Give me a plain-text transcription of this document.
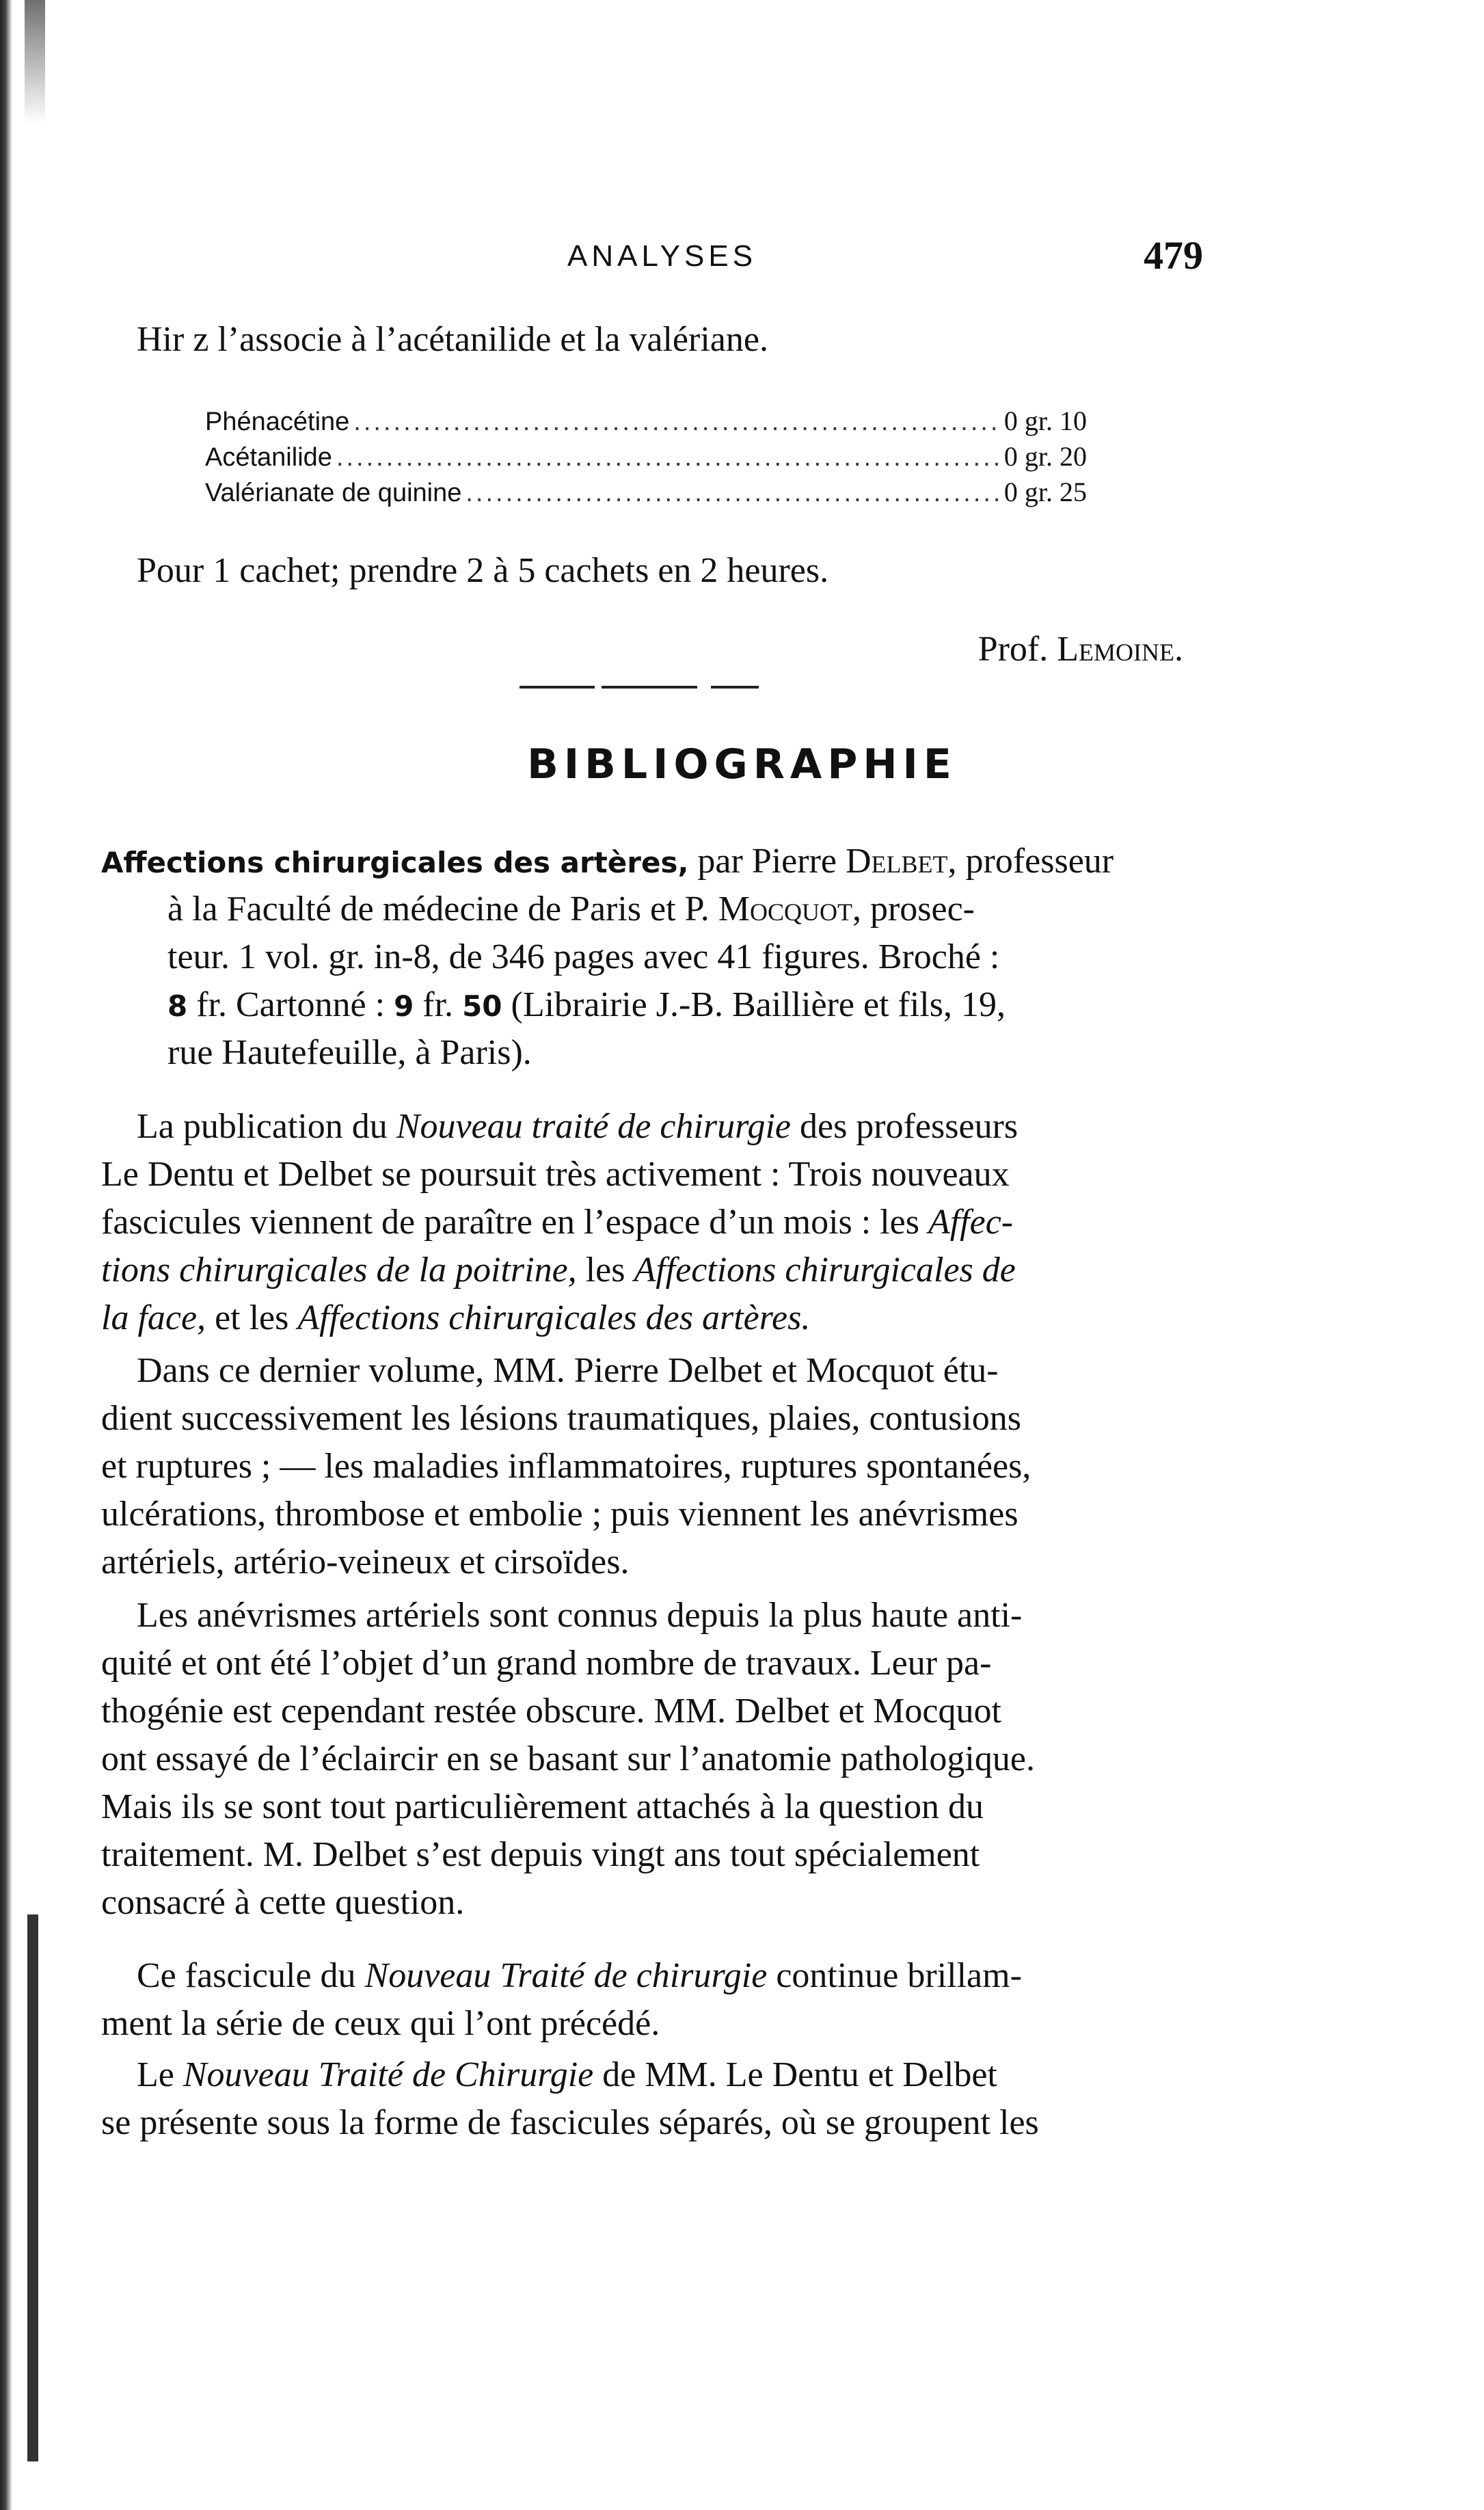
ANALYSES	479
Hir z l’associe à l’acétanilide et la valériane.
Phénacétine .....	0 gr. 10
Acétanilide .....	0 gr. 20
Valérianate de quinine .....	0 gr. 25
Pour 1 cachet; prendre 2 à 5 cachets en 2 heures.
Prof. Lemoine.
BIBLIOGRAPHIE
Affections chirurgicales des artères, par Pierre Delbet, professeur
à la Faculté de médecine de Paris et P. Mocquot, prosec-
teur. 1 vol. gr. in-8, de 346 pages avec 41 figures. Broché :
8 fr. Cartonné : 9 fr. 50 (Librairie J.-B. Baillière et fils, 19,
rue Hautefeuille, à Paris).
La publication du Nouveau traité de chirurgie des professeurs
Le Dentu et Delbet se poursuit très activement : Trois nouveaux
fascicules viennent de paraître en l’espace d’un mois : les Affec-
tions chirurgicales de la poitrine, les Affections chirurgicales de
la face, et les Affections chirurgicales des artères.
Dans ce dernier volume, MM. Pierre Delbet et Mocquot étu-
dient successivement les lésions traumatiques, plaies, contusions
et ruptures ; — les maladies inflammatoires, ruptures spontanées,
ulcérations, thrombose et embolie ; puis viennent les anévrismes
artériels, artério-veineux et cirsoïdes.
Les anévrismes artériels sont connus depuis la plus haute anti-
quité et ont été l’objet d’un grand nombre de travaux. Leur pa-
thogénie est cependant restée obscure. MM. Delbet et Mocquot
ont essayé de l’éclaircir en se basant sur l’anatomie pathologique.
Mais ils se sont tout particulièrement attachés à la question du
traitement. M. Delbet s’est depuis vingt ans tout spécialement
consacré à cette question.
Ce fascicule du Nouveau Traité de chirurgie continue brillam-
ment la série de ceux qui l’ont précédé.
Le Nouveau Traité de Chirurgie de MM. Le Dentu et Delbet
se présente sous la forme de fascicules séparés, où se groupent les
